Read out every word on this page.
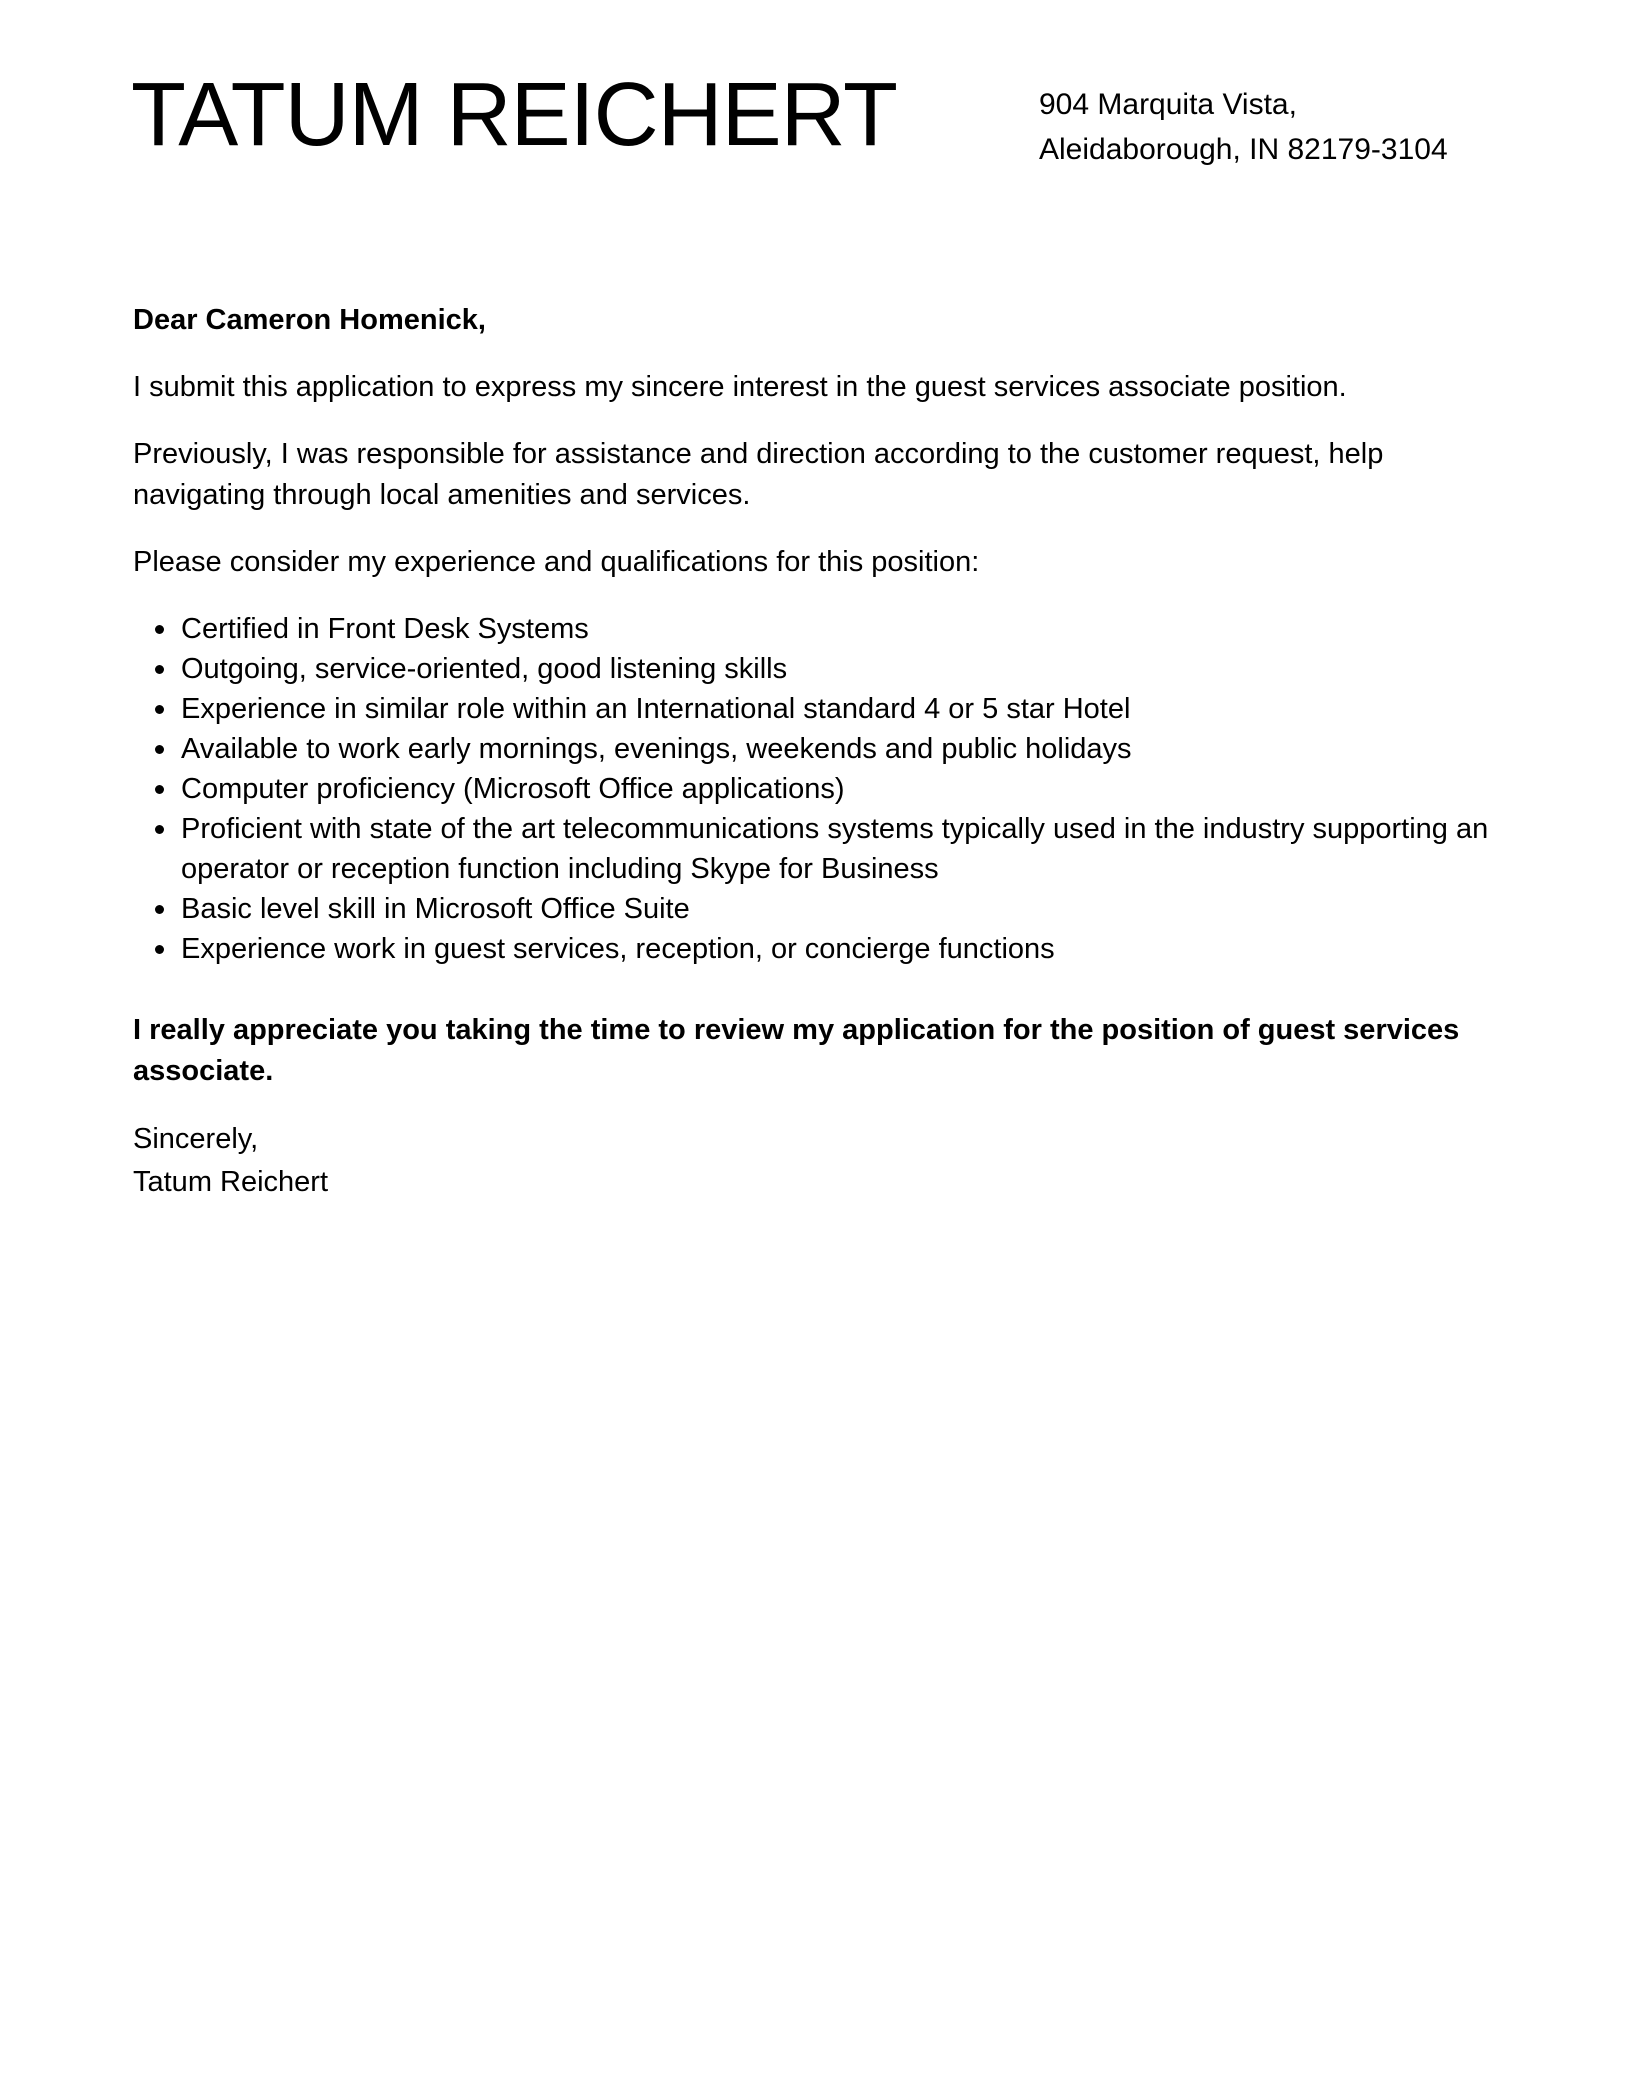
TATUM REICHERT	904 Marquita Vista,
Aleidaborough, IN 82179-3104

Dear Cameron Homenick,

I submit this application to express my sincere interest in the guest services associate position.

Previously, I was responsible for assistance and direction according to the customer request, help navigating through local amenities and services.

Please consider my experience and qualifications for this position:

Certified in Front Desk Systems
Outgoing, service-oriented, good listening skills
Experience in similar role within an International standard 4 or 5 star Hotel
Available to work early mornings, evenings, weekends and public holidays
Computer proficiency (Microsoft Office applications)
Proficient with state of the art telecommunications systems typically used in the industry supporting an operator or reception function including Skype for Business
Basic level skill in Microsoft Office Suite
Experience work in guest services, reception, or concierge functions

I really appreciate you taking the time to review my application for the position of guest services associate.

Sincerely,
Tatum Reichert
